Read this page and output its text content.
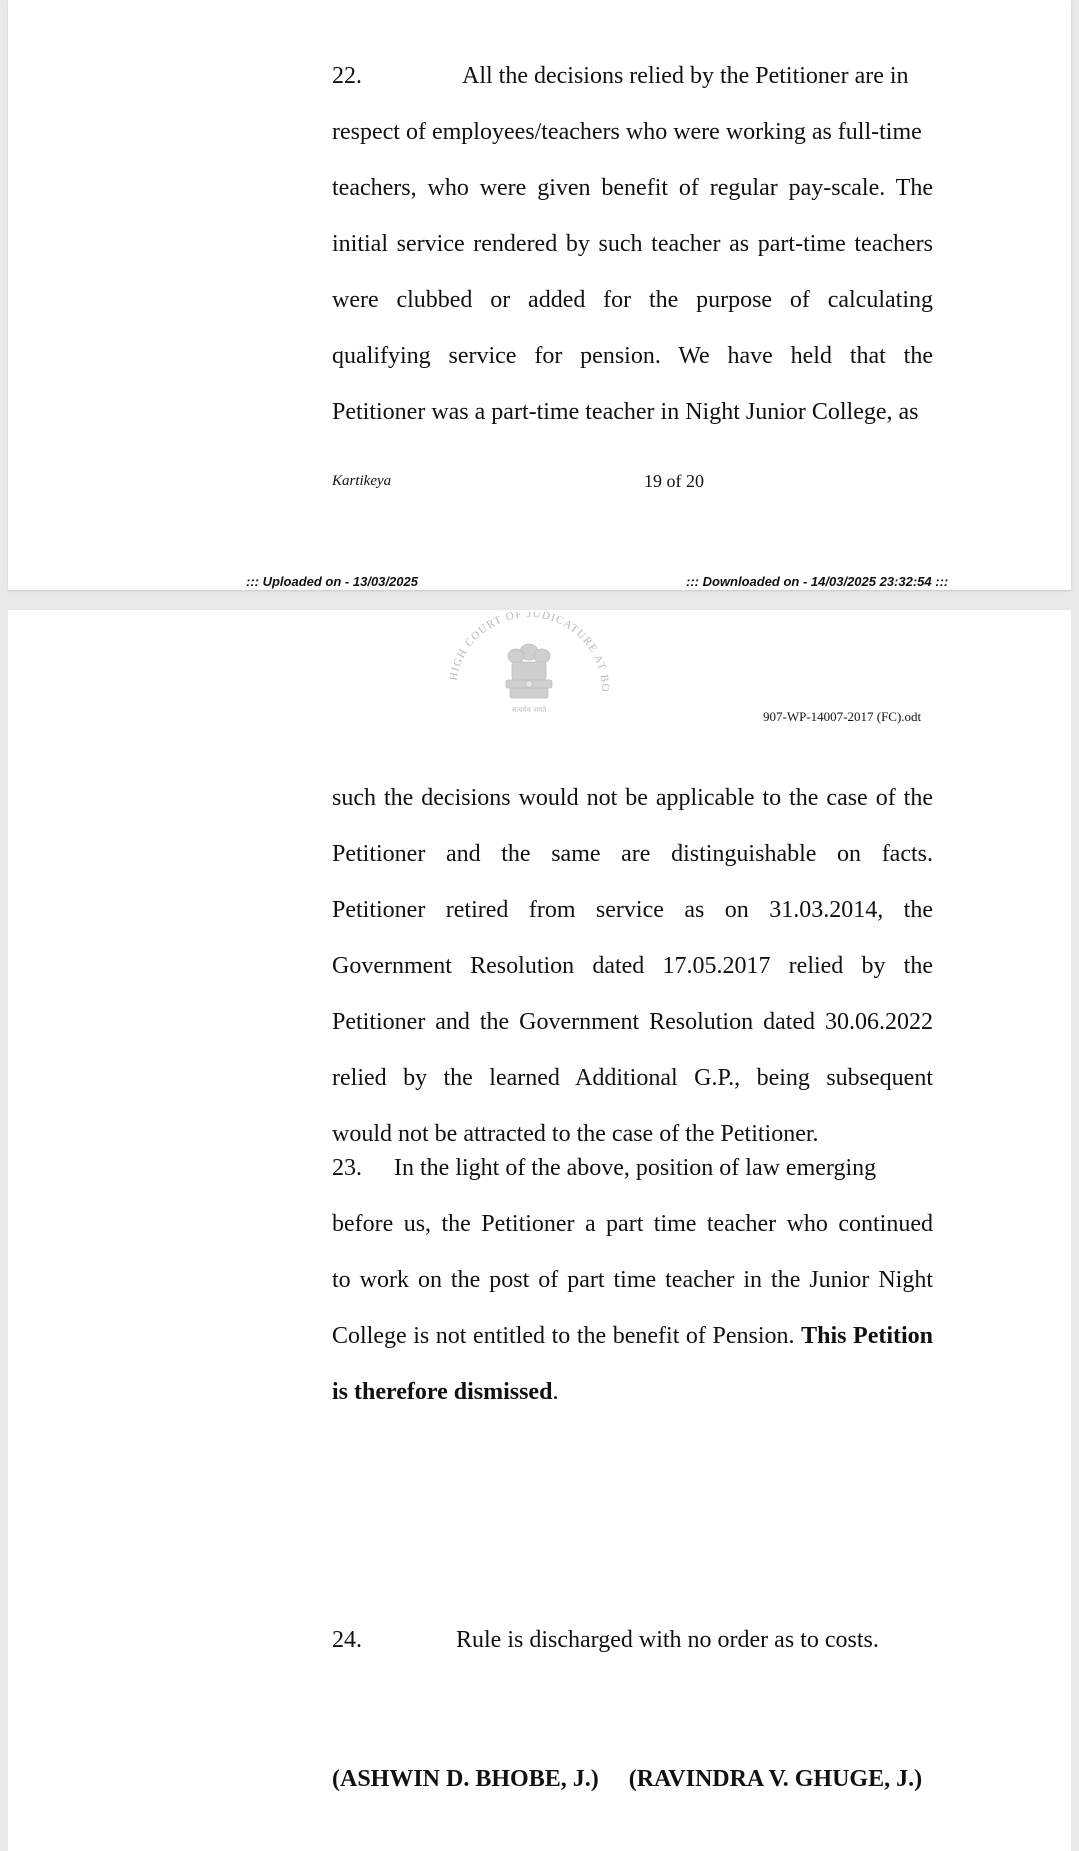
22.	All the decisions relied by the Petitioner are in
respect of employees/teachers who were working as full-time
teachers, who were given benefit of regular pay-scale. The
initial service rendered by such teacher as part-time teachers
were clubbed or added for the purpose of calculating
qualifying service for pension. We have held that the
Petitioner was a part-time teacher in Night Junior College, as
Kartikeya	19 of 20
::: Uploaded on - 13/03/2025	::: Downloaded on - 14/03/2025 23:32:54 :::
HIGH COURT OF JUDICATURE AT BO
सत्यमेव जयते	907-WP-14007-2017 (FC).odt
such the decisions would not be applicable to the case of the
Petitioner and the same are distinguishable on facts.
Petitioner retired from service as on 31.03.2014, the
Government Resolution dated 17.05.2017 relied by the
Petitioner and the Government Resolution dated 30.06.2022
relied by the learned Additional G.P., being subsequent
would not be attracted to the case of the Petitioner.
23. In the light of the above, position of law emerging
before us, the Petitioner a part time teacher who continued
to work on the post of part time teacher in the Junior Night
College is not entitled to the benefit of Pension. This Petition
is therefore dismissed.
24.	Rule is discharged with no order as to costs.
(ASHWIN D. BHOBE, J.) (RAVINDRA V. GHUGE, J.)
